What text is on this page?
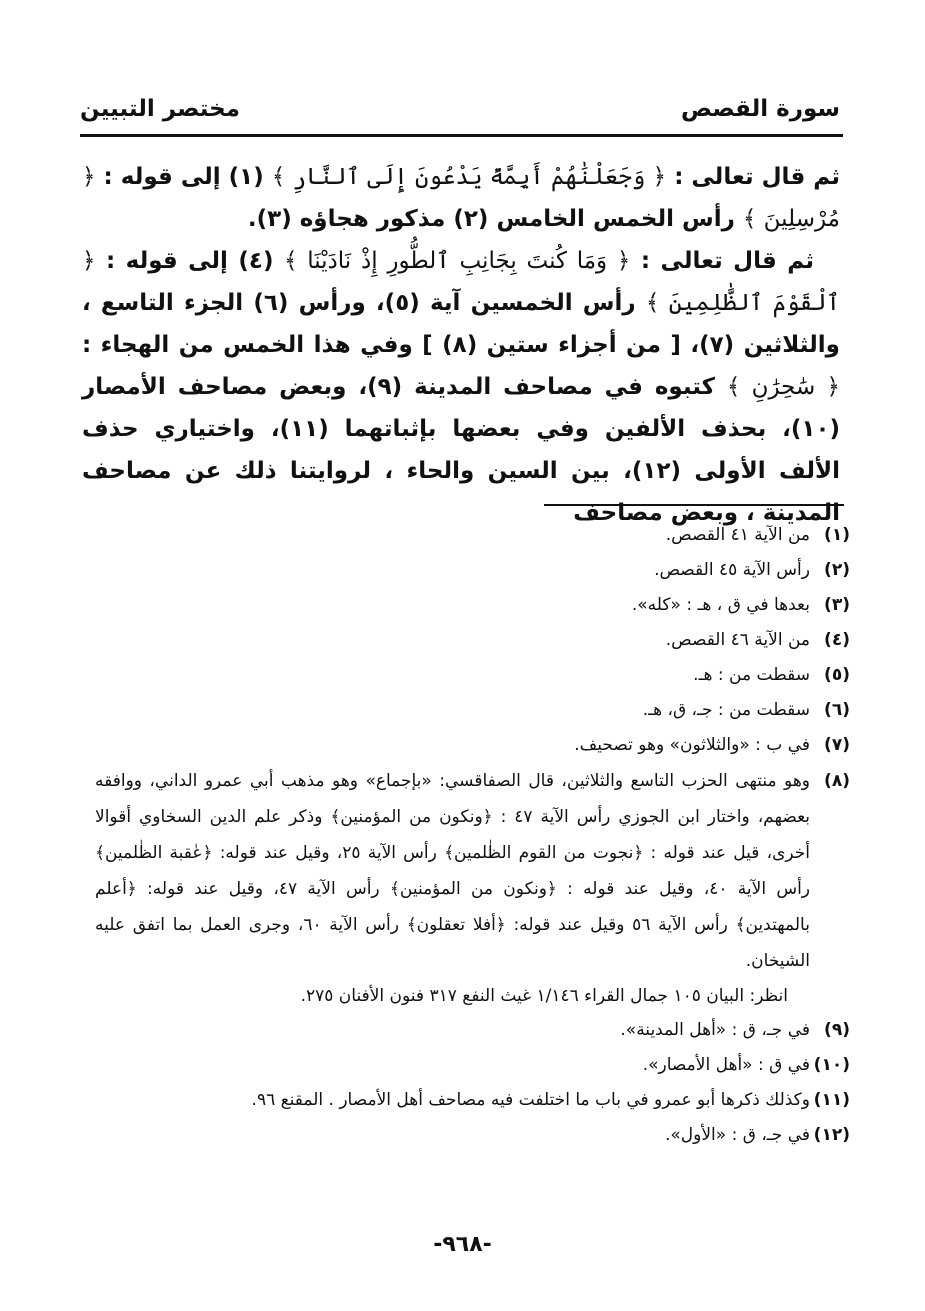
سورة القصص
مختصر التبيين

ثم قال تعالى : ﴿ وَجَعَلْنَٰهُمْ أَيِمَّةً يَدْعُونَ إِلَى ٱلنَّارِ ﴾ (١) إلى قوله : ﴿ مُرْسِلِينَ ﴾ رأس الخمس الخامس (٢) مذكور هجاؤه (٣).

ثم قال تعالى : ﴿ وَمَا كُنتَ بِجَانِبِ ٱلطُّورِ إِذْ نَادَيْنَا ﴾ (٤) إلى قوله : ﴿ ٱلْقَوْمَ ٱلظَّٰلِمِينَ ﴾ رأس الخمسين آية (٥)، ورأس (٦) الجزء التاسع ، والثلاثين (٧)، [ من أجزاء ستين (٨) ] وفي هذا الخمس من الهجاء : ﴿ سَٰحِرَٰنِ ﴾ كتبوه في مصاحف المدينة (٩)، وبعض مصاحف الأمصار (١٠)، بحذف الألفين وفي بعضها بإثباتهما (١١)، واختياري حذف الألف الأولى (١٢)، بين السين والحاء ، لروايتنا ذلك عن مصاحف المدينة ، وبعض مصاحف

(١)
من الآية ٤١ القصص.
(٢)
رأس الآية ٤٥ القصص.
(٣)
بعدها في ق ، هـ : «كله».
(٤)
من الآية ٤٦ القصص.
(٥)
سقطت من : هـ.
(٦)
سقطت من : جـ، ق، هـ.
(٧)
في ب : «والثلاثون» وهو تصحيف.
(٨)
وهو منتهى الحزب التاسع والثلاثين، قال الصفاقسي: «بإجماع» وهو مذهب أبي عمرو الداني، ووافقه بعضهم، واختار ابن الجوزي رأس الآية ٤٧ : ﴿ونكون من المؤمنين﴾ وذكر علم الدين السخاوي أقوالا أخرى، قيل عند قوله : ﴿نجوت من القوم الظٰلمين﴾ رأس الآية ٢٥، وقيل عند قوله: ﴿عٰقبة الظٰلمين﴾ رأس الآية ٤٠، وقيل عند قوله : ﴿ونكون من المؤمنين﴾ رأس الآية ٤٧، وقيل عند قوله: ﴿أعلم بالمهتدين﴾ رأس الآية ٥٦ وقيل عند قوله: ﴿أفلا تعقلون﴾ رأس الآية ٦٠، وجرى العمل بما اتفق عليه الشيخان.
انظر: البيان ١٠٥ جمال القراء ١/١٤٦ غيث النفع ٣١٧ فنون الأفنان ٢٧٥.
(٩)
في جـ، ق : «أهل المدينة».
(١٠)
في ق : «أهل الأمصار».
(١١)
وكذلك ذكرها أبو عمرو في باب ما اختلفت فيه مصاحف أهل الأمصار . المقنع ٩٦.
(١٢)
في جـ، ق : «الأول».
-٩٦٨-
